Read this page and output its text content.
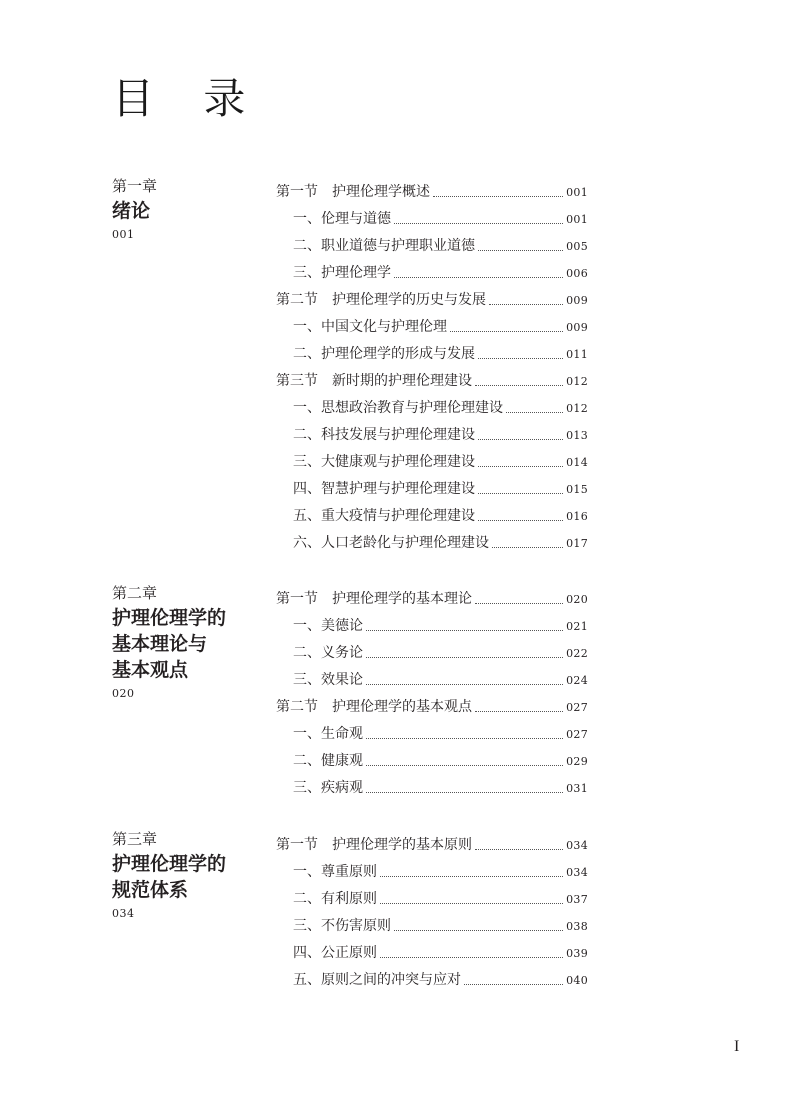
目 录
第一章
绪论
001
第一节　护理伦理学概述	001
一、伦理与道德	001
二、职业道德与护理职业道德	005
三、护理伦理学	006
第二节　护理伦理学的历史与发展	009
一、中国文化与护理伦理	009
二、护理伦理学的形成与发展	011
第三节　新时期的护理伦理建设	012
一、思想政治教育与护理伦理建设	012
二、科技发展与护理伦理建设	013
三、大健康观与护理伦理建设	014
四、智慧护理与护理伦理建设	015
五、重大疫情与护理伦理建设	016
六、人口老龄化与护理伦理建设	017
第二章
护理伦理学的
基本理论与
基本观点
020
第一节　护理伦理学的基本理论	020
一、美德论	021
二、义务论	022
三、效果论	024
第二节　护理伦理学的基本观点	027
一、生命观	027
二、健康观	029
三、疾病观	031
第三章
护理伦理学的
规范体系
034
第一节　护理伦理学的基本原则	034
一、尊重原则	034
二、有利原则	037
三、不伤害原则	038
四、公正原则	039
五、原则之间的冲突与应对	040
I
